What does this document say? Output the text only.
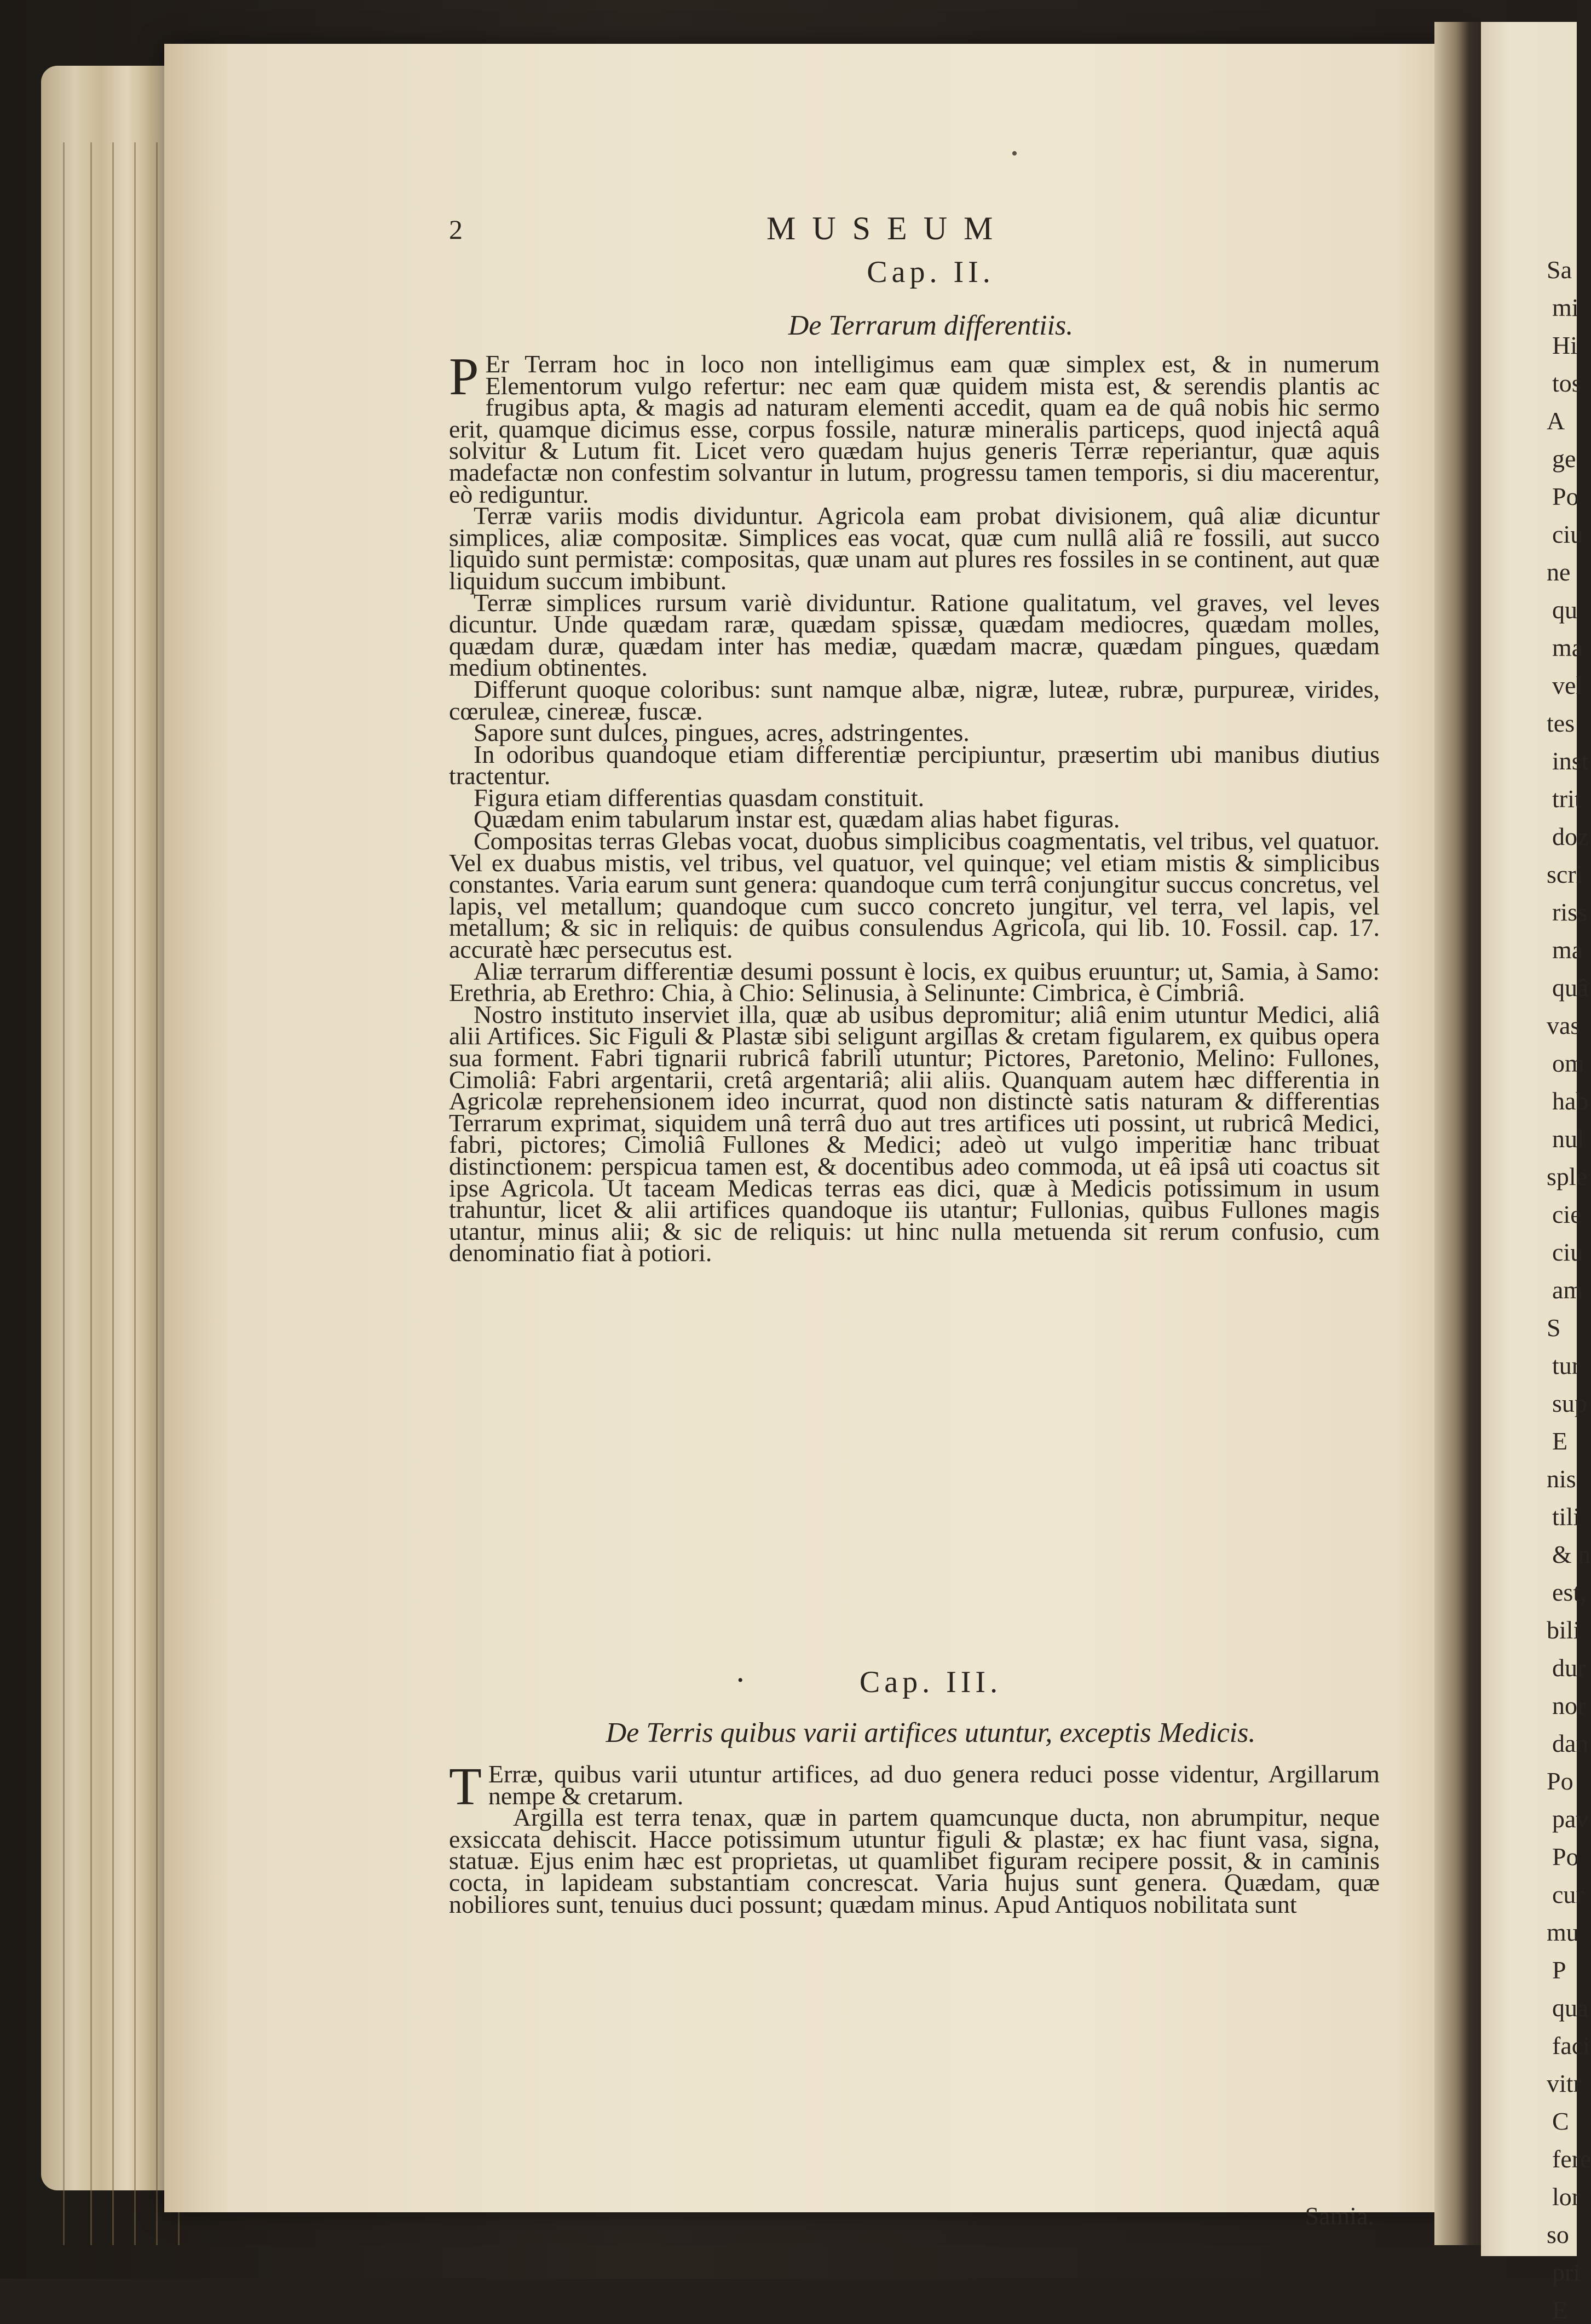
Sa
mi
Hi
tos
A
ge
Po
ciu
ne
qu
ma
vel
tes
inst
trit
doz
scri
riss
ma
quâ
vas
om
hab
nul
sple
cie
ciu
am
S
tur
sup
E
nis
tili
& n
est,
bili
dur
nor
dan
Po
pav
Po
cur
mu
P
qua
faci
vitr
C
fere
lor
so
pri
E
•
2	MUSEUM
Cap. II.
De Terrarum differentiis.

P Er Terram hoc in loco non intelligimus eam quæ simplex est, & in numerum Elementorum vulgo refertur: nec eam quæ quidem mista est, & serendis plantis ac frugibus apta, & magis ad naturam elementi accedit, quam ea de quâ nobis hic sermo erit, quamque dicimus esse, corpus fossile, naturæ mineralis particeps, quod injectâ aquâ solvitur & Lutum fit. Licet vero quædam hujus generis Terræ reperiantur, quæ aquis madefactæ non confestim solvantur in lutum, progressu tamen temporis, si diu macerentur, eò rediguntur.

Terræ variis modis dividuntur. Agricola eam probat divisionem, quâ aliæ dicuntur simplices, aliæ compositæ. Simplices eas vocat, quæ cum nullâ aliâ re fossili, aut succo liquido sunt permistæ: compositas, quæ unam aut plures res fossiles in se continent, aut quæ liquidum succum imbibunt.

Terræ simplices rursum variè dividuntur. Ratione qualitatum, vel graves, vel leves dicuntur. Unde quædam raræ, quædam spissæ, quædam mediocres, quædam molles, quædam duræ, quædam inter has mediæ, quædam macræ, quædam pingues, quædam medium obtinentes.

Differunt quoque coloribus: sunt namque albæ, nigræ, luteæ, rubræ, purpureæ, virides, cœruleæ, cinereæ, fuscæ.

Sapore sunt dulces, pingues, acres, adstringentes.

In odoribus quandoque etiam differentiæ percipiuntur, præsertim ubi manibus diutius tractentur.

Figura etiam differentias quasdam constituit.

Quædam enim tabularum instar est, quædam alias habet figuras.

Compositas terras Glebas vocat, duobus simplicibus coagmentatis, vel tribus, vel quatuor. Vel ex duabus mistis, vel tribus, vel quatuor, vel quinque; vel etiam mistis & simplicibus constantes. Varia earum sunt genera: quandoque cum terrâ conjungitur succus concretus, vel lapis, vel metallum; quandoque cum succo concreto jungitur, vel terra, vel lapis, vel metallum; & sic in reliquis: de quibus consulendus Agricola, qui lib. 10. Fossil. cap. 17. accuratè hæc persecutus est.

Aliæ terrarum differentiæ desumi possunt è locis, ex quibus eruuntur; ut, Samia, à Samo: Erethria, ab Erethro: Chia, à Chio: Selinusia, à Selinunte: Cimbrica, è Cimbriâ.

Nostro instituto inserviet illa, quæ ab usibus depromitur; aliâ enim utuntur Medici, aliâ alii Artifices. Sic Figuli & Plastæ sibi seligunt argillas & cretam figularem, ex quibus opera sua forment. Fabri tignarii rubricâ fabrili utuntur; Pictores, Paretonio, Melino: Fullones, Cimoliâ: Fabri argentarii, cretâ argentariâ; alii aliis. Quanquam autem hæc differentia in Agricolæ reprehensionem ideo incurrat, quod non distinctè satis naturam & differentias Terrarum exprimat, siquidem unâ terrâ duo aut tres artifices uti possint, ut rubricâ Medici, fabri, pictores; Cimoliâ Fullones & Medici; adeò ut vulgo imperitiæ hanc tribuat distinctionem: perspicua tamen est, & docentibus adeo commoda, ut eâ ipsâ uti coactus sit ipse Agricola. Ut taceam Medicas terras eas dici, quæ à Medicis potissimum in usum trahuntur, licet & alii artifices quandoque iis utantur; Fullonias, quibus Fullones magis utantur, minus alii; & sic de reliquis: ut hinc nulla metuenda sit rerum confusio, cum denominatio fiat à potiori.

•	Cap. III.
De Terris quibus varii artifices utuntur, exceptis Medicis.

T Erræ, quibus varii utuntur artifices, ad duo genera reduci posse videntur, Argillarum nempe & cretarum.

Argilla est terra tenax, quæ in partem quamcunque ducta, non abrumpitur, neque exsiccata dehiscit. Hacce potissimum utuntur figuli & plastæ; ex hac fiunt vasa, signa, statuæ. Ejus enim hæc est proprietas, ut quamlibet figuram recipere possit, & in caminis cocta, in lapideam substantiam concrescat. Varia hujus sunt genera. Quædam, quæ nobiliores sunt, tenuius duci possunt; quædam minus. Apud Antiquos nobilitata sunt

Samia.
